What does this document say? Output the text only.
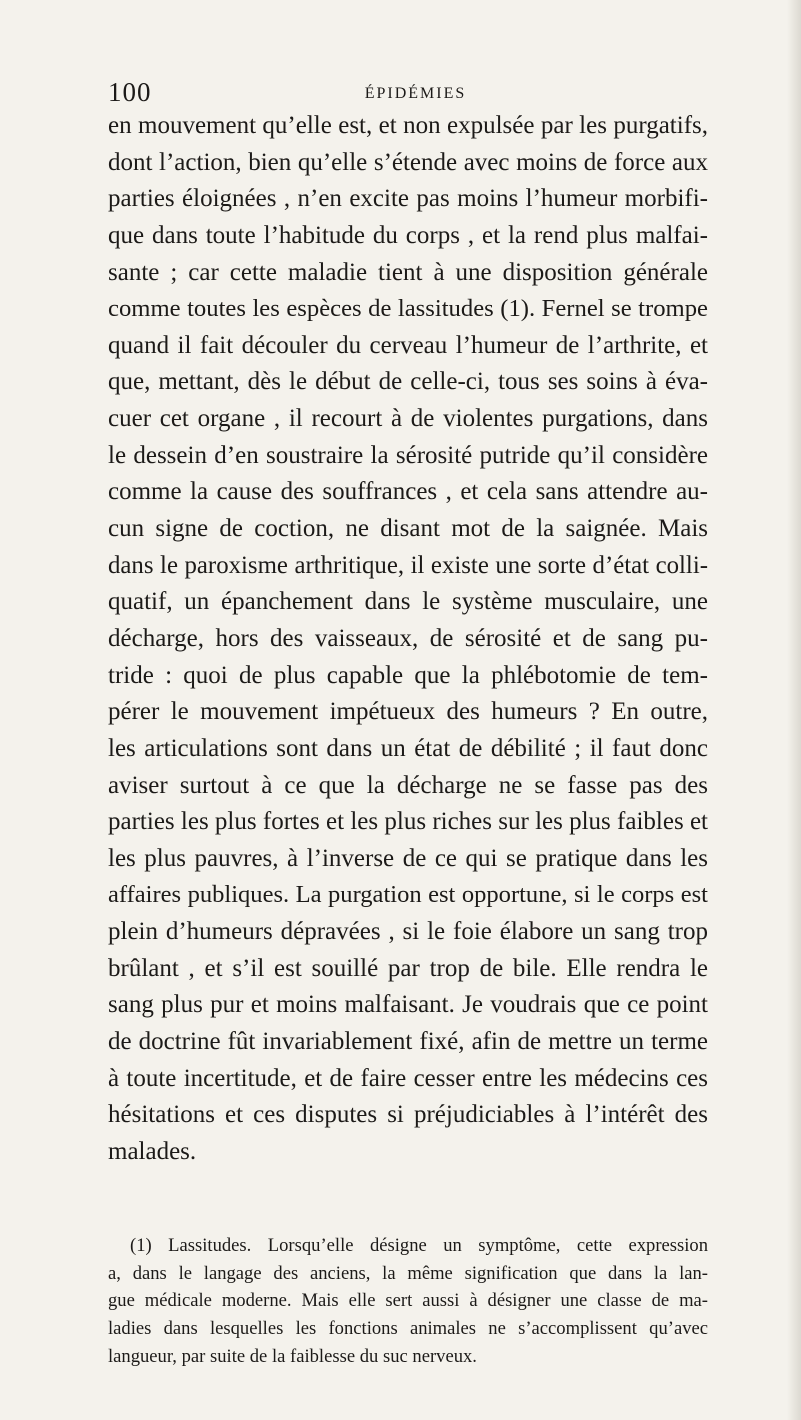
100	ÉPIDÉMIES
en mouvement qu’elle est, et non expulsée par les purgatifs,
dont l’action, bien qu’elle s’étende avec moins de force aux
parties éloignées , n’en excite pas moins l’humeur morbifi-
que dans toute l’habitude du corps , et la rend plus malfai-
sante ; car cette maladie tient à une disposition générale
comme toutes les espèces de lassitudes (1). Fernel se trompe
quand il fait découler du cerveau l’humeur de l’arthrite, et
que, mettant, dès le début de celle-ci, tous ses soins à éva-
cuer cet organe , il recourt à de violentes purgations, dans
le dessein d’en soustraire la sérosité putride qu’il considère
comme la cause des souffrances , et cela sans attendre au-
cun signe de coction, ne disant mot de la saignée. Mais
dans le paroxisme arthritique, il existe une sorte d’état colli-
quatif, un épanchement dans le système musculaire, une
décharge, hors des vaisseaux, de sérosité et de sang pu-
tride : quoi de plus capable que la phlébotomie de tem-
pérer le mouvement impétueux des humeurs ? En outre,
les articulations sont dans un état de débilité ; il faut donc
aviser surtout à ce que la décharge ne se fasse pas des
parties les plus fortes et les plus riches sur les plus faibles et
les plus pauvres, à l’inverse de ce qui se pratique dans les
affaires publiques. La purgation est opportune, si le corps est
plein d’humeurs dépravées , si le foie élabore un sang trop
brûlant , et s’il est souillé par trop de bile. Elle rendra le
sang plus pur et moins malfaisant. Je voudrais que ce point
de doctrine fût invariablement fixé, afin de mettre un terme
à toute incertitude, et de faire cesser entre les médecins ces
hésitations et ces disputes si préjudiciables à l’intérêt des
malades.
(1) Lassitudes. Lorsqu’elle désigne un symptôme, cette expression
a, dans le langage des anciens, la même signification que dans la lan-
gue médicale moderne. Mais elle sert aussi à désigner une classe de ma-
ladies dans lesquelles les fonctions animales ne s’accomplissent qu’avec
langueur, par suite de la faiblesse du suc nerveux.
